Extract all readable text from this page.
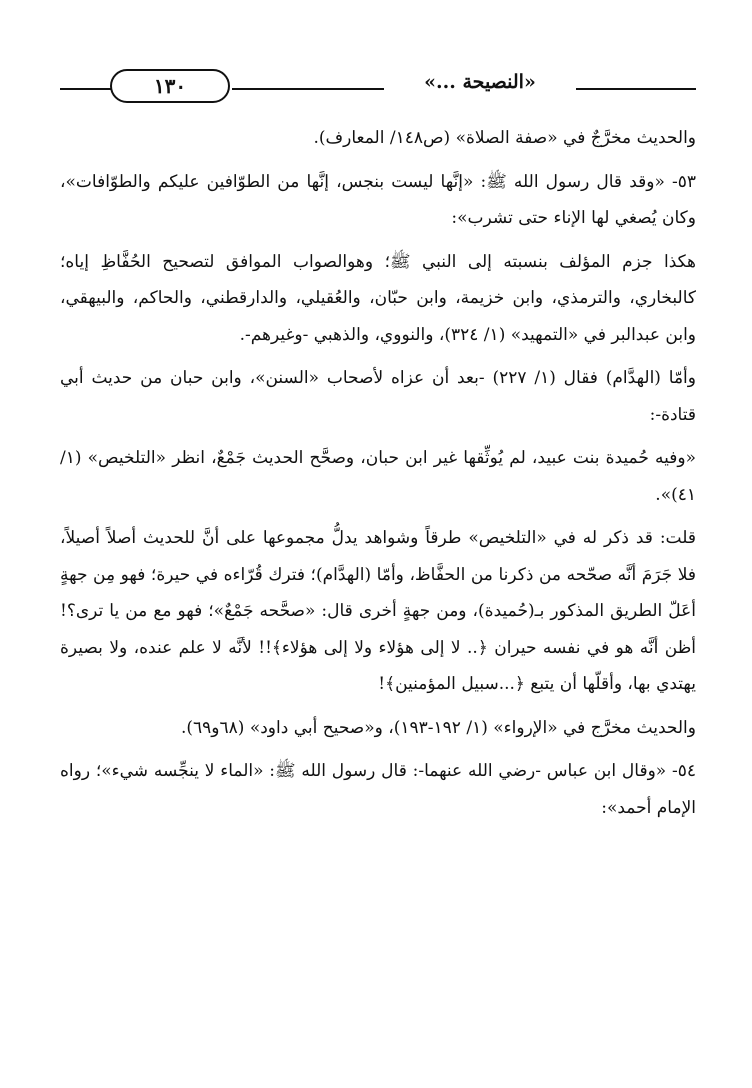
١٣٠	«النصيحة ...»

والحديث مخرَّجٌ في «صفة الصلاة» (ص١٤٨/ المعارف).

٥٣- «وقد قال رسول الله ﷺ: «إنَّها ليست بنجس، إنَّها من الطوّافين عليكم والطوّافات»، وكان يُصغي لها الإناء حتى تشرب»:

هكذا جزم المؤلف بنسبته إلى النبي ﷺ؛ وهوالصواب الموافق لتصحيح الحُفَّاظِ إياه؛ كالبخاري، والترمذي، وابن خزيمة، وابن حبّان، والعُقيلي، والدارقطني، والحاكم، والبيهقي، وابن عبدالبر في «التمهيد» (١/ ٣٢٤)، والنووي، والذهبي -وغيرهم-.

وأمّا (الهدَّام) فقال (١/ ٢٢٧) -بعد أن عزاه لأصحاب «السنن»، وابن حبان من حديث أبي قتادة-:

«وفيه حُميدة بنت عبيد، لم يُوثِّقها غير ابن حبان، وصحَّح الحديث جَمْعٌ، انظر «التلخيص» (١/ ٤١)».

قلت: قد ذكر له في «التلخيص» طرقاً وشواهد يدلُّ مجموعها على أنَّ للحديث أصلاً أصيلاً، فلا جَرَمَ أنَّه صحّحه من ذكرنا من الحفَّاظ، وأمّا (الهدَّام)؛ فترك قُرّاءه في حيرة؛ فهو مِن جهةٍ أعَلّ الطريق المذكور بـ(حُميدة)، ومن جهةٍ أخرى قال: «صحَّحه جَمْعٌ»؛ فهو مع من يا ترى؟! أظن أنَّه هو في نفسه حيران ﴿.. لا إلى هؤلاء ولا إلى هؤلاء﴾!! لأنَّه لا علم عنده، ولا بصيرة يهتدي بها، وأقلّها أن يتبع ﴿...سبيل المؤمنين﴾!

والحديث مخرَّج في «الإرواء» (١/ ١٩٢-١٩٣)، و«صحيح أبي داود» (٦٨و٦٩).

٥٤- «وقال ابن عباس -رضي الله عنهما-: قال رسول الله ﷺ: «الماء لا ينجِّسه شيء»؛ رواه الإمام أحمد»:
